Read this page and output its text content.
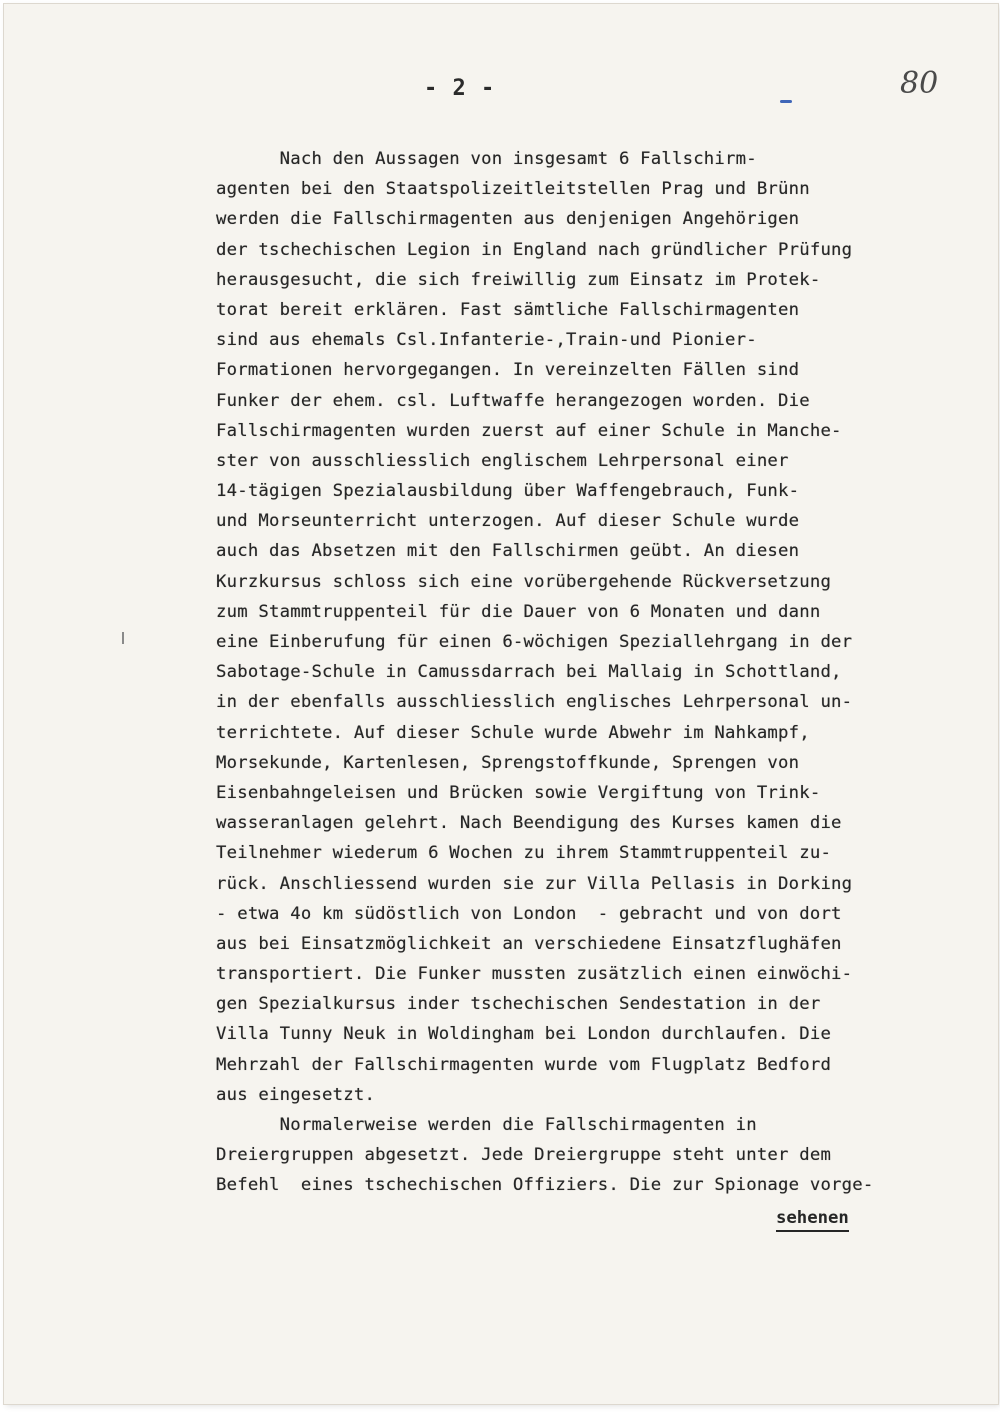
- 2 -	80
Nach den Aussagen von insgesamt 6 Fallschirm-
agenten bei den Staatspolizeitleitstellen Prag und Brünn
werden die Fallschirmagenten aus denjenigen Angehörigen
der tschechischen Legion in England nach gründlicher Prüfung
herausgesucht, die sich freiwillig zum Einsatz im Protek-
torat bereit erklären. Fast sämtliche Fallschirmagenten
sind aus ehemals Csl.Infanterie-,Train-und Pionier-
Formationen hervorgegangen. In vereinzelten Fällen sind
Funker der ehem. csl. Luftwaffe herangezogen worden. Die
Fallschirmagenten wurden zuerst auf einer Schule in Manche-
ster von ausschliesslich englischem Lehrpersonal einer
14-tägigen Spezialausbildung über Waffengebrauch, Funk-
und Morseunterricht unterzogen. Auf dieser Schule wurde
auch das Absetzen mit den Fallschirmen geübt. An diesen
Kurzkursus schloss sich eine vorübergehende Rückversetzung
zum Stammtruppenteil für die Dauer von 6 Monaten und dann
eine Einberufung für einen 6-wöchigen Speziallehrgang in der
Sabotage-Schule in Camussdarrach bei Mallaig in Schottland,
in der ebenfalls ausschliesslich englisches Lehrpersonal un-
terrichtete. Auf dieser Schule wurde Abwehr im Nahkampf,
Morsekunde, Kartenlesen, Sprengstoffkunde, Sprengen von
Eisenbahngeleisen und Brücken sowie Vergiftung von Trink-
wasseranlagen gelehrt. Nach Beendigung des Kurses kamen die
Teilnehmer wiederum 6 Wochen zu ihrem Stammtruppenteil zu-
rück. Anschliessend wurden sie zur Villa Pellasis in Dorking
- etwa 4o km südöstlich von London  - gebracht und von dort
aus bei Einsatzmöglichkeit an verschiedene Einsatzflughäfen
transportiert. Die Funker mussten zusätzlich einen einwöchi-
gen Spezialkursus inder tschechischen Sendestation in der
Villa Tunny Neuk in Woldingham bei London durchlaufen. Die
Mehrzahl der Fallschirmagenten wurde vom Flugplatz Bedford
aus eingesetzt.
Normalerweise werden die Fallschirmagenten in
Dreiergruppen abgesetzt. Jede Dreiergruppe steht unter dem
Befehl  eines tschechischen Offiziers. Die zur Spionage vorge-
sehenen
